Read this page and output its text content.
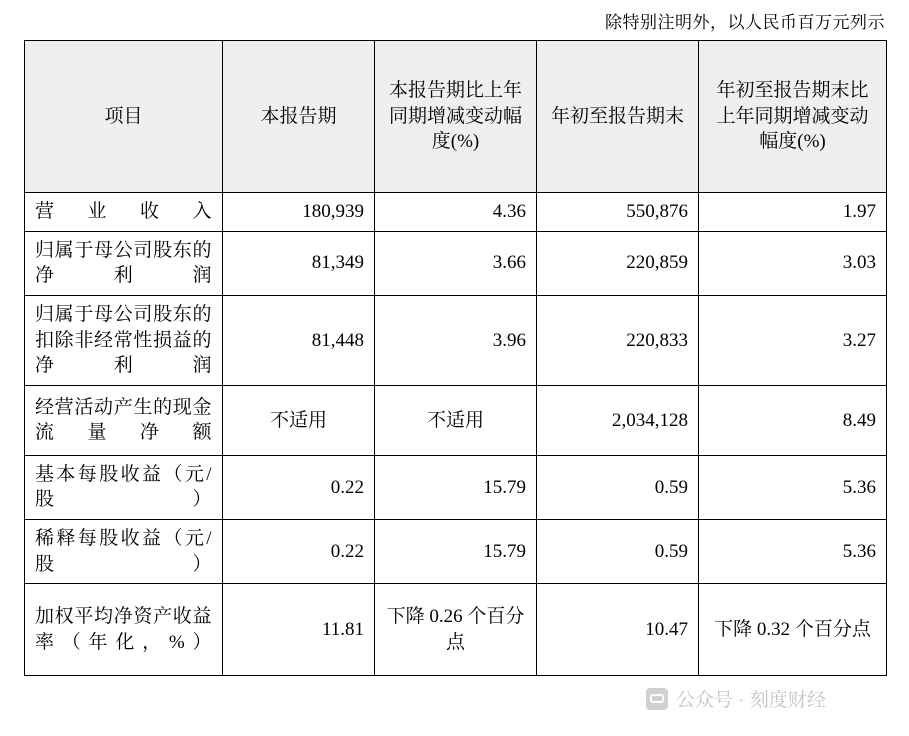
除特别注明外，以人民币百万元列示
项目	本报告期	本报告期比上年同期增减变动幅度(%)	年初至报告期末	年初至报告期末比上年同期增减变动幅度(%)
营业收入	180,939	4.36	550,876	1.97
归属于母公司股东的净利润	81,349	3.66	220,859	3.03
归属于母公司股东的扣除非经常性损益的净利润	81,448	3.96	220,833	3.27
经营活动产生的现金流量净额	不适用	不适用	2,034,128	8.49
基本每股收益（元/股）	0.22	15.79	0.59	5.36
稀释每股收益（元/股）	0.22	15.79	0.59	5.36
加权平均净资产收益率（年化，%）	11.81	下降 0.26 个百分点	10.47	下降 0.32 个百分点
公众号 · 刻度财经
